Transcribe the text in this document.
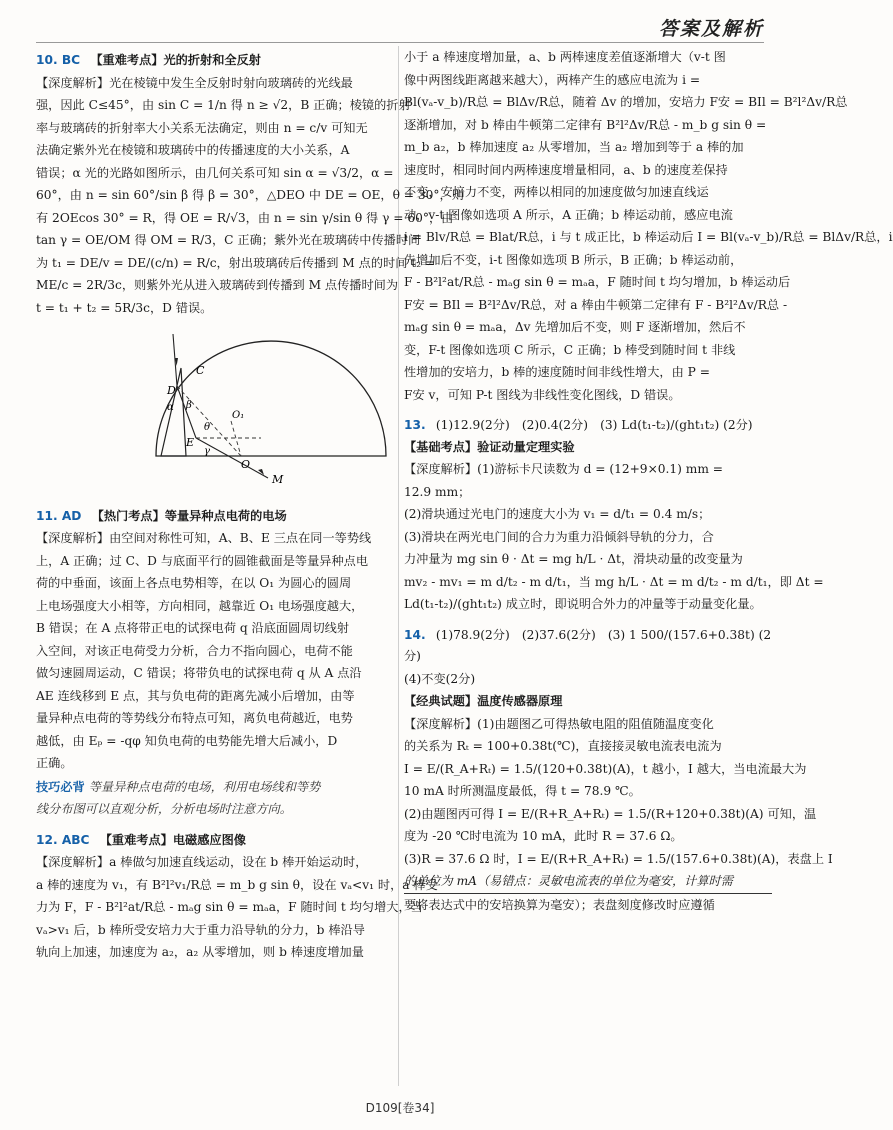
答案及解析
10. BC 【重难考点】光的折射和全反射
【深度解析】光在棱镜中发生全反射时射向玻璃砖的光线最
强，因此 C≤45°，由 sin C = 1/n 得 n ≥ √2，B 正确；棱镜的折射
率与玻璃砖的折射率大小关系无法确定，则由 n = c/v 可知无
法确定紫外光在棱镜和玻璃砖中的传播速度的大小关系，A
错误；α 光的光路如图所示，由几何关系可知 sin α = √3/2，α =
60°，由 n = sin 60°/sin β 得 β = 30°，△DEO 中 DE = OE，θ = 30°，则
有 2OEcos 30° = R，得 OE = R/√3，由 n = sin γ/sin θ 得 γ = 60°，由
tan γ = OE/OM 得 OM = R/3，C 正确；紫外光在玻璃砖中传播时间
为 t₁ = DE/v = DE/(c/n) = R/c，射出玻璃砖后传播到 M 点的时间 t₂ =
ME/c = 2R/3c，则紫外光从进入玻璃砖到传播到 M 点传播时间为
t = t₁ + t₂ = 5R/3c，D 错误。
C
D
α β
θ
E
γ
O
M
O₁
11. AD 【热门考点】等量异种点电荷的电场
【深度解析】由空间对称性可知，A、B、E 三点在同一等势线
上，A 正确；过 C、D 与底面平行的圆锥截面是等量异种点电
荷的中垂面，该面上各点电势相等，在以 O₁ 为圆心的圆周
上电场强度大小相等，方向相同，越靠近 O₁ 电场强度越大，
B 错误；在 A 点将带正电的试探电荷 q 沿底面圆周切线射
入空间，对该正电荷受力分析，合力不指向圆心，电荷不能
做匀速圆周运动，C 错误；将带负电的试探电荷 q 从 A 点沿
AE 连线移到 E 点，其与负电荷的距离先减小后增加，由等
量异种点电荷的等势线分布特点可知，离负电荷越近，电势
越低，由 Eₚ = -qφ 知负电荷的电势能先增大后减小，D
正确。
技巧必背 等量异种点电荷的电场，利用电场线和等势
线分布图可以直观分析，分析电场时注意方向。
12. ABC 【重难考点】电磁感应图像
【深度解析】a 棒做匀加速直线运动，设在 b 棒开始运动时，
a 棒的速度为 v₁，有 B²l²v₁/R总 = m_b g sin θ，设在 vₐ<v₁ 时，a 棒受
力为 F，F - B²l²at/R总 - mₐg sin θ = mₐa，F 随时间 t 均匀增大，当
vₐ>v₁ 后，b 棒所受安培力大于重力沿导轨的分力，b 棒沿导
轨向上加速，加速度为 a₂，a₂ 从零增加，则 b 棒速度增加量
小于 a 棒速度增加量，a、b 两棒速度差值逐渐增大（v-t 图
像中两图线距离越来越大），两棒产生的感应电流为 i =
Bl(vₐ-v_b)/R总 = BlΔv/R总，随着 Δv 的增加，安培力 F安 = BIl = B²l²Δv/R总
逐渐增加，对 b 棒由牛顿第二定律有 B²l²Δv/R总 - m_b g sin θ =
m_b a₂，b 棒加速度 a₂ 从零增加，当 a₂ 增加到等于 a 棒的加
速度时，相同时间内两棒速度增量相同，a、b 的速度差保持
不变，安培力不变，两棒以相同的加速度做匀加速直线运
动，v-t 图像如选项 A 所示，A 正确；b 棒运动前，感应电流
i = Blv/R总 = Blat/R总，i 与 t 成正比，b 棒运动后 I = Bl(vₐ-v_b)/R总 = BlΔv/R总，i
先增加后不变，i-t 图像如选项 B 所示，B 正确；b 棒运动前，
F - B²l²at/R总 - mₐg sin θ = mₐa，F 随时间 t 均匀增加，b 棒运动后
F安 = BIl = B²l²Δv/R总，对 a 棒由牛顿第二定律有 F - B²l²Δv/R总 -
mₐg sin θ = mₐa，Δv 先增加后不变，则 F 逐渐增加，然后不
变，F-t 图像如选项 C 所示，C 正确；b 棒受到随时间 t 非线
性增加的安培力，b 棒的速度随时间非线性增大，由 P =
F安 v，可知 P-t 图线为非线性变化图线，D 错误。
13. (1)12.9(2分)　(2)0.4(2分)　(3) Ld(t₁-t₂)/(ght₁t₂) (2分)
【基础考点】验证动量定理实验
【深度解析】(1)游标卡尺读数为 d = (12+9×0.1) mm =
12.9 mm；
(2)滑块通过光电门的速度大小为 v₁ = d/t₁ = 0.4 m/s；
(3)滑块在两光电门间的合力为重力沿倾斜导轨的分力，合
力冲量为 mg sin θ · Δt = mg h/L · Δt，滑块动量的改变量为
mv₂ - mv₁ = m d/t₂ - m d/t₁，当 mg h/L · Δt = m d/t₂ - m d/t₁，即 Δt =
Ld(t₁-t₂)/(ght₁t₂) 成立时，即说明合外力的冲量等于动量变化量。
14. (1)78.9(2分)　(2)37.6(2分)　(3) 1 500/(157.6+0.38t) (2分)
(4)不变(2分)
【经典试题】温度传感器原理
【深度解析】(1)由题图乙可得热敏电阻的阻值随温度变化
的关系为 Rₜ = 100+0.38t(℃)，直接接灵敏电流表电流为
I = E/(R_A+Rₜ) = 1.5/(120+0.38t)(A)，t 越小，I 越大，当电流最大为
10 mA 时所测温度最低，得 t = 78.9 ℃。
(2)由题图丙可得 I = E/(R+R_A+Rₜ) = 1.5/(R+120+0.38t)(A) 可知，温
度为 -20 ℃时电流为 10 mA，此时 R = 37.6 Ω。
(3)R = 37.6 Ω 时，I = E/(R+R_A+Rₜ) = 1.5/(157.6+0.38t)(A)，表盘上 I
的单位为 mA（易错点：灵敏电流表的单位为毫安，计算时需
要将表达式中的安培换算为毫安）；表盘刻度修改时应遵循
D109[卷34]
